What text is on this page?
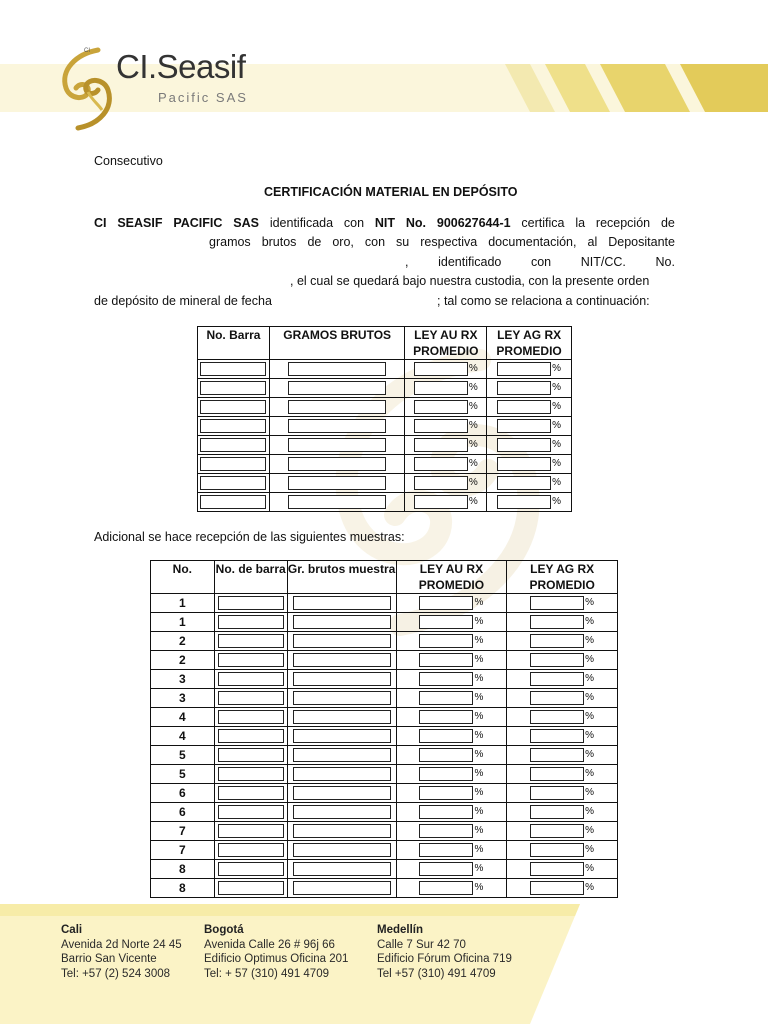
CI CI.Seasif
Pacific SAS
Consecutivo
CERTIFICACIÓN MATERIAL EN DEPÓSITO
CI SEASIF PACIFIC SAS identificada con NIT No. 900627644-1 certifica la recepción de
gramos brutos de oro, con su respectiva documentación, al Depositante
, identificado con NIT/CC. No.
, el cual se quedará bajo nuestra custodia, con la presente orden
de depósito de mineral de fecha	; tal como se relaciona a continuación:
No. Barra	GRAMOS BRUTOS	LEY AU RX PROMEDIO	LEY AG RX PROMEDIO
		%	%
		%	%
		%	%
		%	%
		%	%
		%	%
		%	%
		%	%
Adicional se hace recepción de las siguientes muestras:
No.	No. de barra	Gr. brutos muestra	LEY AU RX PROMEDIO	LEY AG RX PROMEDIO
1			%	%
1			%	%
2			%	%
2			%	%
3			%	%
3			%	%
4			%	%
4			%	%
5			%	%
5			%	%
6			%	%
6			%	%
7			%	%
7			%	%
8			%	%
8			%	%
Cali
Avenida 2d Norte 24 45
Barrio San Vicente
Tel: +57 (2) 524 3008
Bogotá
Avenida Calle 26 # 96j 66
Edificio Optimus Oficina 201
Tel: + 57 (310) 491 4709
Medellín
Calle 7 Sur 42 70
Edificio Fórum Oficina 719
Tel +57 (310) 491 4709
